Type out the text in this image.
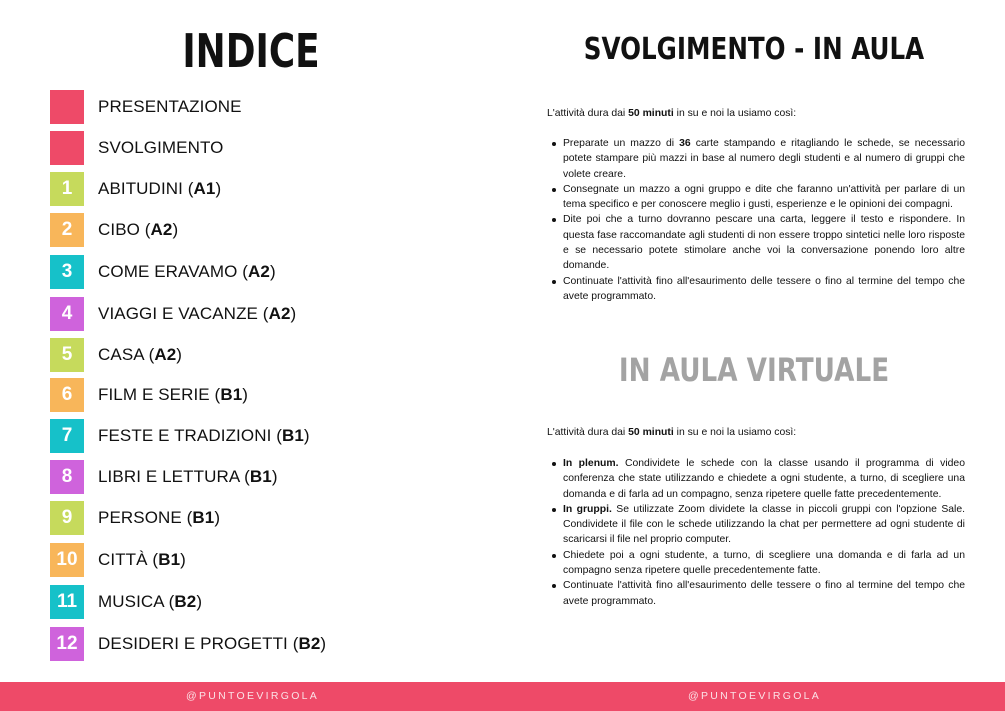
INDICE
PRESENTAZIONE
SVOLGIMENTO
1	ABITUDINI (A1)
2	CIBO (A2)
3	COME ERAVAMO (A2)
4	VIAGGI E VACANZE (A2)
5	CASA (A2)
6	FILM E SERIE (B1)
7	FESTE E TRADIZIONI (B1)
8	LIBRI E LETTURA (B1)
9	PERSONE (B1)
10	CITTÀ (B1)
11	MUSICA (B2)
12	DESIDERI E PROGETTI (B2)
SVOLGIMENTO - IN AULA

L'attività dura dai 50 minuti in su e noi la usiamo così:

Preparate un mazzo di 36 carte stampando e ritagliando le schede, se necessario potete stampare più mazzi in base al numero degli studenti e al numero di gruppi che volete creare.
Consegnate un mazzo a ogni gruppo e dite che faranno un'attività per parlare di un tema specifico e per conoscere meglio i gusti, esperienze e le opinioni dei compagni.
Dite poi che a turno dovranno pescare una carta, leggere il testo e rispondere. In questa fase raccomandate agli studenti di non essere troppo sintetici nelle loro risposte e se necessario potete stimolare anche voi la conversazione ponendo loro altre domande.
Continuate l'attività fino all'esaurimento delle tessere o fino al termine del tempo che avete programmato.
IN AULA VIRTUALE

L'attività dura dai 50 minuti in su e noi la usiamo così:

In plenum. Condividete le schede con la classe usando il programma di video conferenza che state utilizzando e chiedete a ogni studente, a turno, di scegliere una domanda e di farla ad un compagno, senza ripetere quelle fatte precedentemente.
In gruppi. Se utilizzate Zoom dividete la classe in piccoli gruppi con l'opzione Sale. Condividete il file con le schede utilizzando la chat per permettere ad ogni studente di scaricarsi il file nel proprio computer.
Chiedete poi a ogni studente, a turno, di scegliere una domanda e di farla ad un compagno senza ripetere quelle precedentemente fatte.
Continuate l'attività fino all'esaurimento delle tessere o fino al termine del tempo che avete programmato.
@PUNTOEVIRGOLA	@PUNTOEVIRGOLA
